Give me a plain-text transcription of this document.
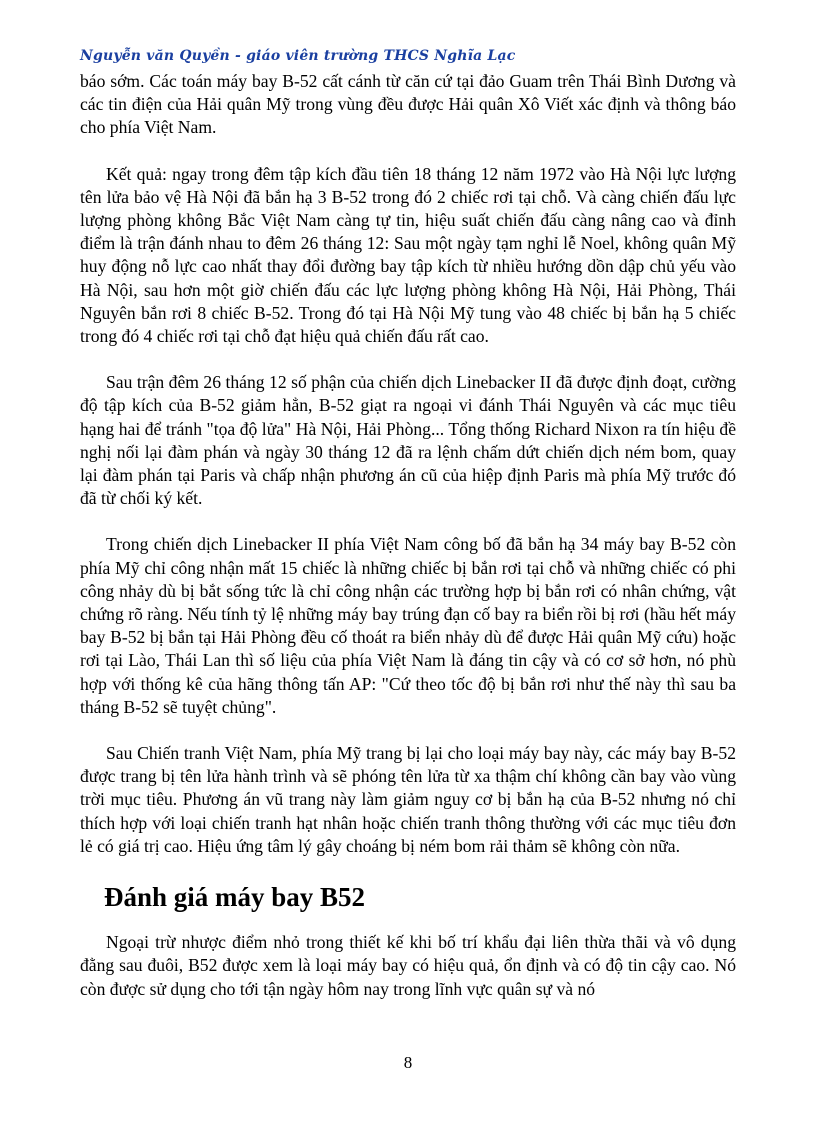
Nguyễn văn Quyền - giáo viên trường THCS Nghĩa Lạc

báo sớm. Các toán máy bay B-52 cất cánh từ căn cứ tại đảo Guam trên Thái Bình Dương và các tin điện của Hải quân Mỹ trong vùng đều được Hải quân Xô Viết xác định và thông báo cho phía Việt Nam.

Kết quả: ngay trong đêm tập kích đầu tiên 18 tháng 12 năm 1972 vào Hà Nội lực lượng tên lửa bảo vệ Hà Nội đã bắn hạ 3 B-52 trong đó 2 chiếc rơi tại chỗ. Và càng chiến đấu lực lượng phòng không Bắc Việt Nam càng tự tin, hiệu suất chiến đấu càng nâng cao và đỉnh điểm là trận đánh nhau to đêm 26 tháng 12: Sau một ngày tạm nghỉ lễ Noel, không quân Mỹ huy động nỗ lực cao nhất thay đổi đường bay tập kích từ nhiều hướng dồn dập chủ yếu vào Hà Nội, sau hơn một giờ chiến đấu các lực lượng phòng không Hà Nội, Hải Phòng, Thái Nguyên bắn rơi 8 chiếc B-52. Trong đó tại Hà Nội Mỹ tung vào 48 chiếc bị bắn hạ 5 chiếc trong đó 4 chiếc rơi tại chỗ đạt hiệu quả chiến đấu rất cao.

Sau trận đêm 26 tháng 12 số phận của chiến dịch Linebacker II đã được định đoạt, cường độ tập kích của B-52 giảm hẳn, B-52 giạt ra ngoại vi đánh Thái Nguyên và các mục tiêu hạng hai để tránh "tọa độ lửa" Hà Nội, Hải Phòng... Tổng thống Richard Nixon ra tín hiệu đề nghị nối lại đàm phán và ngày 30 tháng 12 đã ra lệnh chấm dứt chiến dịch ném bom, quay lại đàm phán tại Paris và chấp nhận phương án cũ của hiệp định Paris mà phía Mỹ trước đó đã từ chối ký kết.

Trong chiến dịch Linebacker II phía Việt Nam công bố đã bắn hạ 34 máy bay B-52 còn phía Mỹ chỉ công nhận mất 15 chiếc là những chiếc bị bắn rơi tại chỗ và những chiếc có phi công nhảy dù bị bắt sống tức là chỉ công nhận các trường hợp bị bắn rơi có nhân chứng, vật chứng rõ ràng. Nếu tính tỷ lệ những máy bay trúng đạn cố bay ra biển rồi bị rơi (hầu hết máy bay B-52 bị bắn tại Hải Phòng đều cố thoát ra biển nhảy dù để được Hải quân Mỹ cứu) hoặc rơi tại Lào, Thái Lan thì số liệu của phía Việt Nam là đáng tin cậy và có cơ sở hơn, nó phù hợp với thống kê của hãng thông tấn AP: "Cứ theo tốc độ bị bắn rơi như thế này thì sau ba tháng B-52 sẽ tuyệt chủng".

Sau Chiến tranh Việt Nam, phía Mỹ trang bị lại cho loại máy bay này, các máy bay B-52 được trang bị tên lửa hành trình và sẽ phóng tên lửa từ xa thậm chí không cần bay vào vùng trời mục tiêu. Phương án vũ trang này làm giảm nguy cơ bị bắn hạ của B-52 nhưng nó chỉ thích hợp với loại chiến tranh hạt nhân hoặc chiến tranh thông thường với các mục tiêu đơn lẻ có giá trị cao. Hiệu ứng tâm lý gây choáng bị ném bom rải thảm sẽ không còn nữa.

Đánh giá máy bay B52

Ngoại trừ nhược điểm nhỏ trong thiết kế khi bố trí khẩu đại liên thừa thãi và vô dụng đằng sau đuôi, B52 được xem là loại máy bay có hiệu quả, ổn định và có độ tin cậy cao. Nó còn được sử dụng cho tới tận ngày hôm nay trong lĩnh vực quân sự và nó

8
